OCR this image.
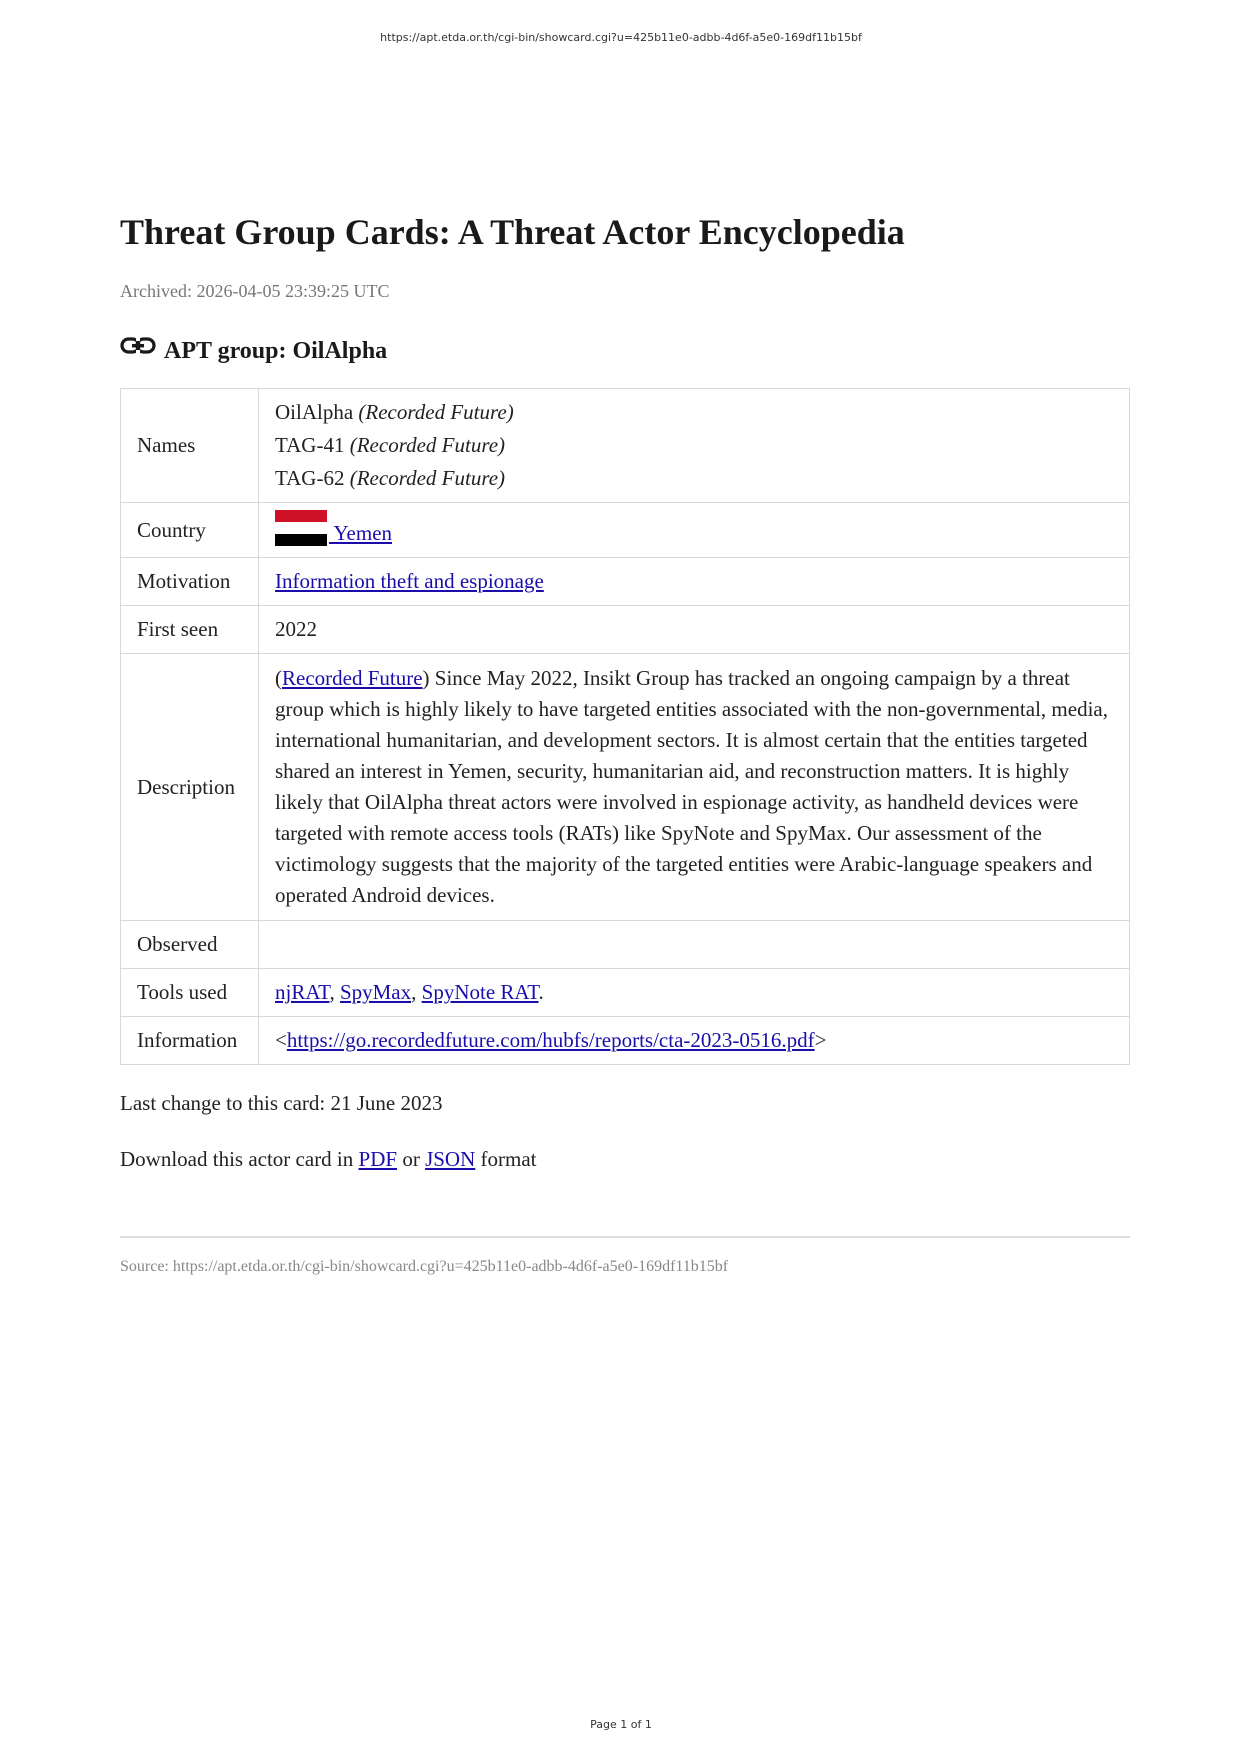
https://apt.etda.or.th/cgi-bin/showcard.cgi?u=425b11e0-adbb-4d6f-a5e0-169df11b15bf
Threat Group Cards: A Threat Actor Encyclopedia
Archived: 2026-04-05 23:39:25 UTC
APT group: OilAlpha
Names	OilAlpha (Recorded Future)
TAG-41 (Recorded Future)
TAG-62 (Recorded Future)

Country	Yemen
Motivation	Information theft and espionage
First seen	2022
Description	(Recorded Future) Since May 2022, Insikt Group has tracked an ongoing campaign by a threat group which is highly likely to have targeted entities associated with the non-governmental, media, international humanitarian, and development sectors. It is almost certain that the entities targeted shared an interest in Yemen, security, humanitarian aid, and reconstruction matters. It is highly likely that OilAlpha threat actors were involved in espionage activity, as handheld devices were targeted with remote access tools (RATs) like SpyNote and SpyMax. Our assessment of the victimology suggests that the majority of the targeted entities were Arabic-language speakers and operated Android devices.
Observed	
Tools used	njRAT, SpyMax, SpyNote RAT.
Information	<https://go.recordedfuture.com/hubfs/reports/cta-2023-0516.pdf>

Last change to this card: 21 June 2023

Download this actor card in PDF or JSON format

Source: https://apt.etda.or.th/cgi-bin/showcard.cgi?u=425b11e0-adbb-4d6f-a5e0-169df11b15bf
Page 1 of 1
